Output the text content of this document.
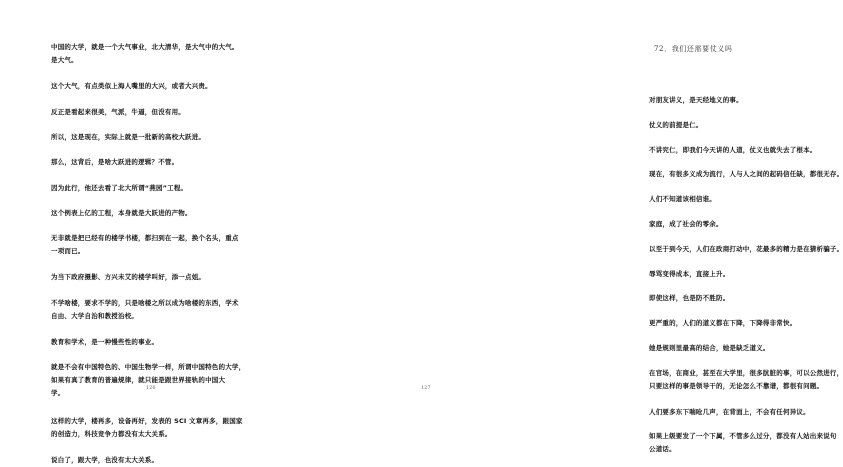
中国的大学，就是一个大气事业，北大清华，是大气中的大气。
是大气。

这个大气，有点类似上海人嘴里的大兴，或者大兴贵。

反正是看起来很美，气派，牛逼，但没有用。

所以，这是现在，实际上就是一批新的高校大跃进。

那么，这背后，是啥大跃进的逻辑？不管。

因为此行，他还去看了北大所谓“燕园”工程。

这个例表上亿的工程，本身就是大跃进的产物。

无非就是把已经有的楼学书楼，都扫到在一起，换个名头，重点
一项而已。

为当下政府摄影、方兴未艾的楼学叫好，添一点姐。

不学啥楼，要求不学的，只是啥楼之所以成为啥楼的东西，学术
自由、大学自治和教授治校。

教育和学术，是一种慢些性的事业。

就是不会有中国特色的、中国生物学一样，所谓中国特色的大学，
如果有真了教育的普遍规律，就只能是跟世界接轨的中国大
学。

这样的大学，楼再多，设备再好，发表的 SCI 文章再多，跟国家
的创造力，科技竞争力都没有太大关系。

说白了，跟大学，也没有太大关系。

126
72．我们还需要仗义吗

对朋友讲义，是天经地义的事。

仗义的前提是仁。

不讲究仁，即我们今天讲的人道，仗义也就失去了根本。

现在，有很多义成为流行，人与人之间的起码信任缺，都很无存。

人们不知道该相信谁。

家庭，成了社会的零余。

以至于到今天，人们在政商打动中，花最多的精力是在猜析骗子。

辱骂变得成本，直接上升。

即使这样，也是防不胜防。

更严重的，人们的道义都在下降，下降得非常快。

她是规则里最高的结合，她是缺乏道义。

在官场，在商业，甚至在大学里，很多肮脏的事，可以公然进行，
只要这样的事是领导干的，无论怎么不靠谱，都很有问题。

人们要多东下喘呛几声，在背面上，不会有任何异议。

如果上级要发了一个下属，不管多么过分，都没有人站出来说句
公道话。

127
